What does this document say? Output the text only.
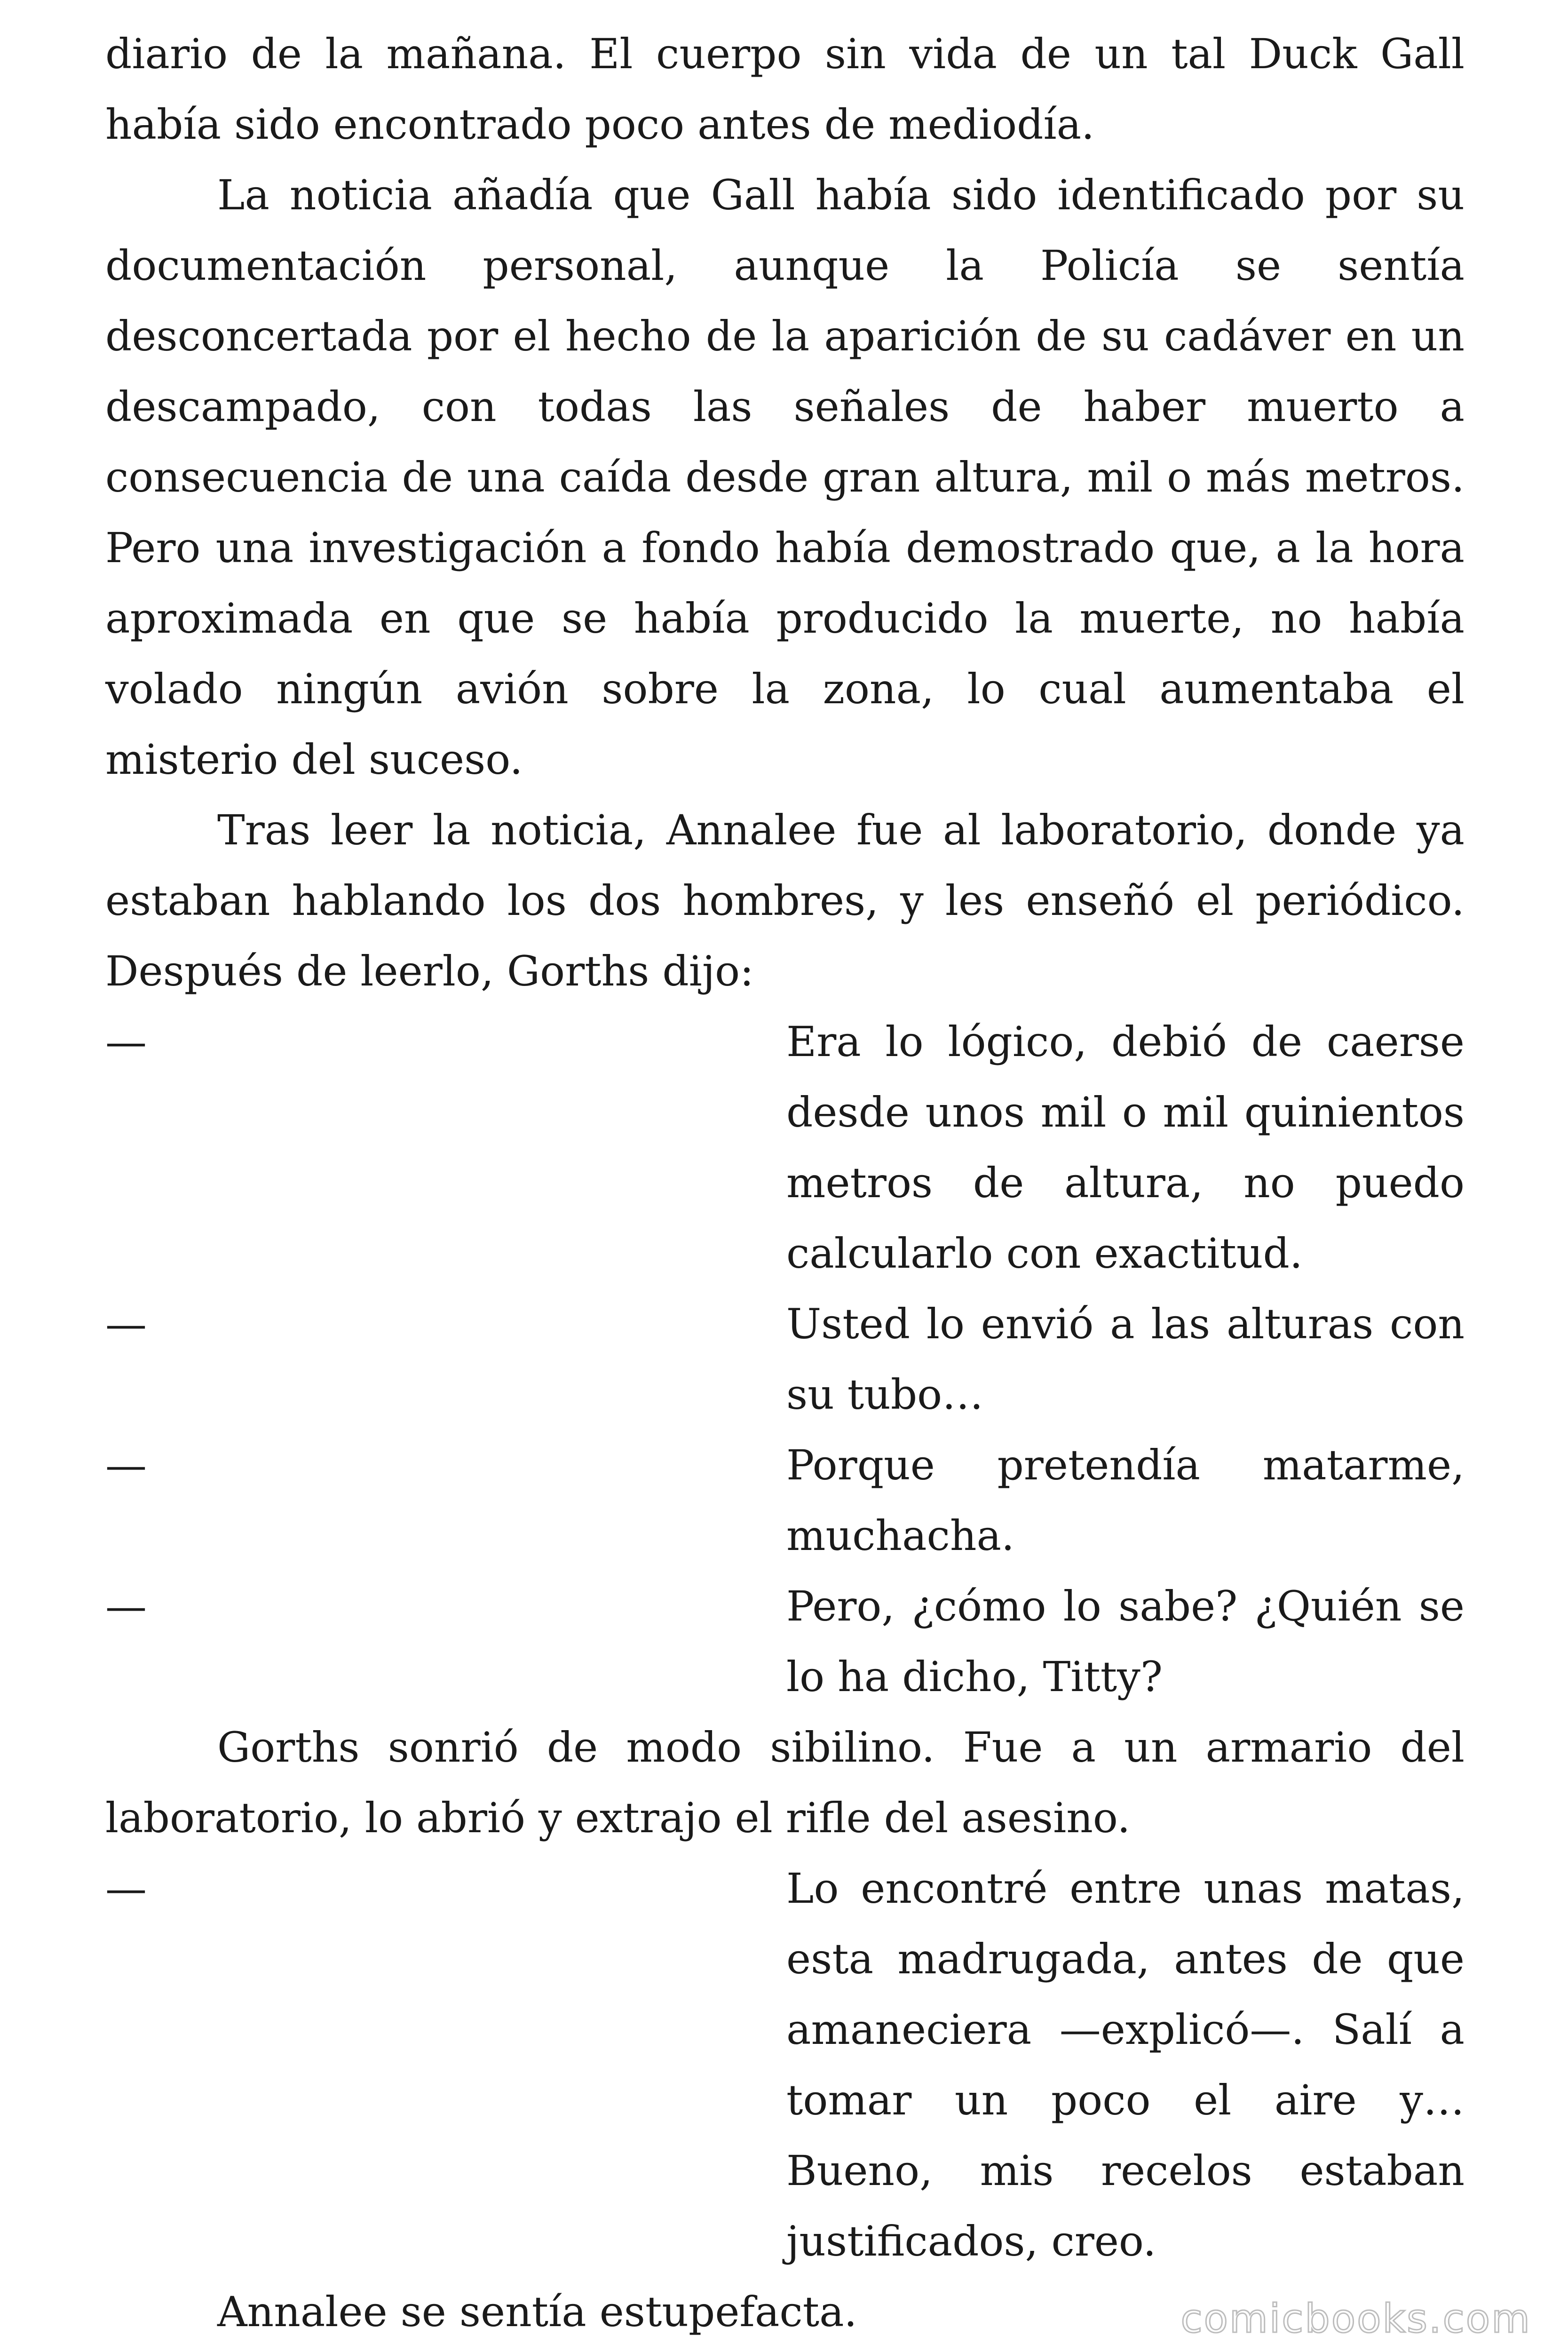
diario de la mañana. El cuerpo sin vida de un tal Duck Gall había sido encontrado poco antes de mediodía.

La noticia añadía que Gall había sido identificado por su documentación personal, aunque la Policía se sentía desconcertada por el hecho de la aparición de su cadáver en un descampado, con todas las señales de haber muerto a consecuencia de una caída desde gran altura, mil o más metros. Pero una investigación a fondo había demostrado que, a la hora aproximada en que se había producido la muerte, no había volado ningún avión sobre la zona, lo cual aumentaba el misterio del suceso.

Tras leer la noticia, Annalee fue al laboratorio, donde ya estaban hablando los dos hombres, y les enseñó el periódico. Después de leerlo, Gorths dijo:

—	Era lo lógico, debió de caerse desde unos mil o mil quinientos metros de altura, no puedo calcularlo con exactitud.
—	Usted lo envió a las alturas con su tubo…
—	Porque pretendía matarme, muchacha.
—	Pero, ¿cómo lo sabe? ¿Quién se lo ha dicho, Titty?

Gorths sonrió de modo sibilino. Fue a un armario del laboratorio, lo abrió y extrajo el rifle del asesino.

—	Lo encontré entre unas matas, esta madrugada, antes de que amaneciera —explicó—. Salí a tomar un poco el aire y… Bueno, mis recelos estaban justificados, creo.

Annalee se sentía estupefacta.	comicbooks.com
